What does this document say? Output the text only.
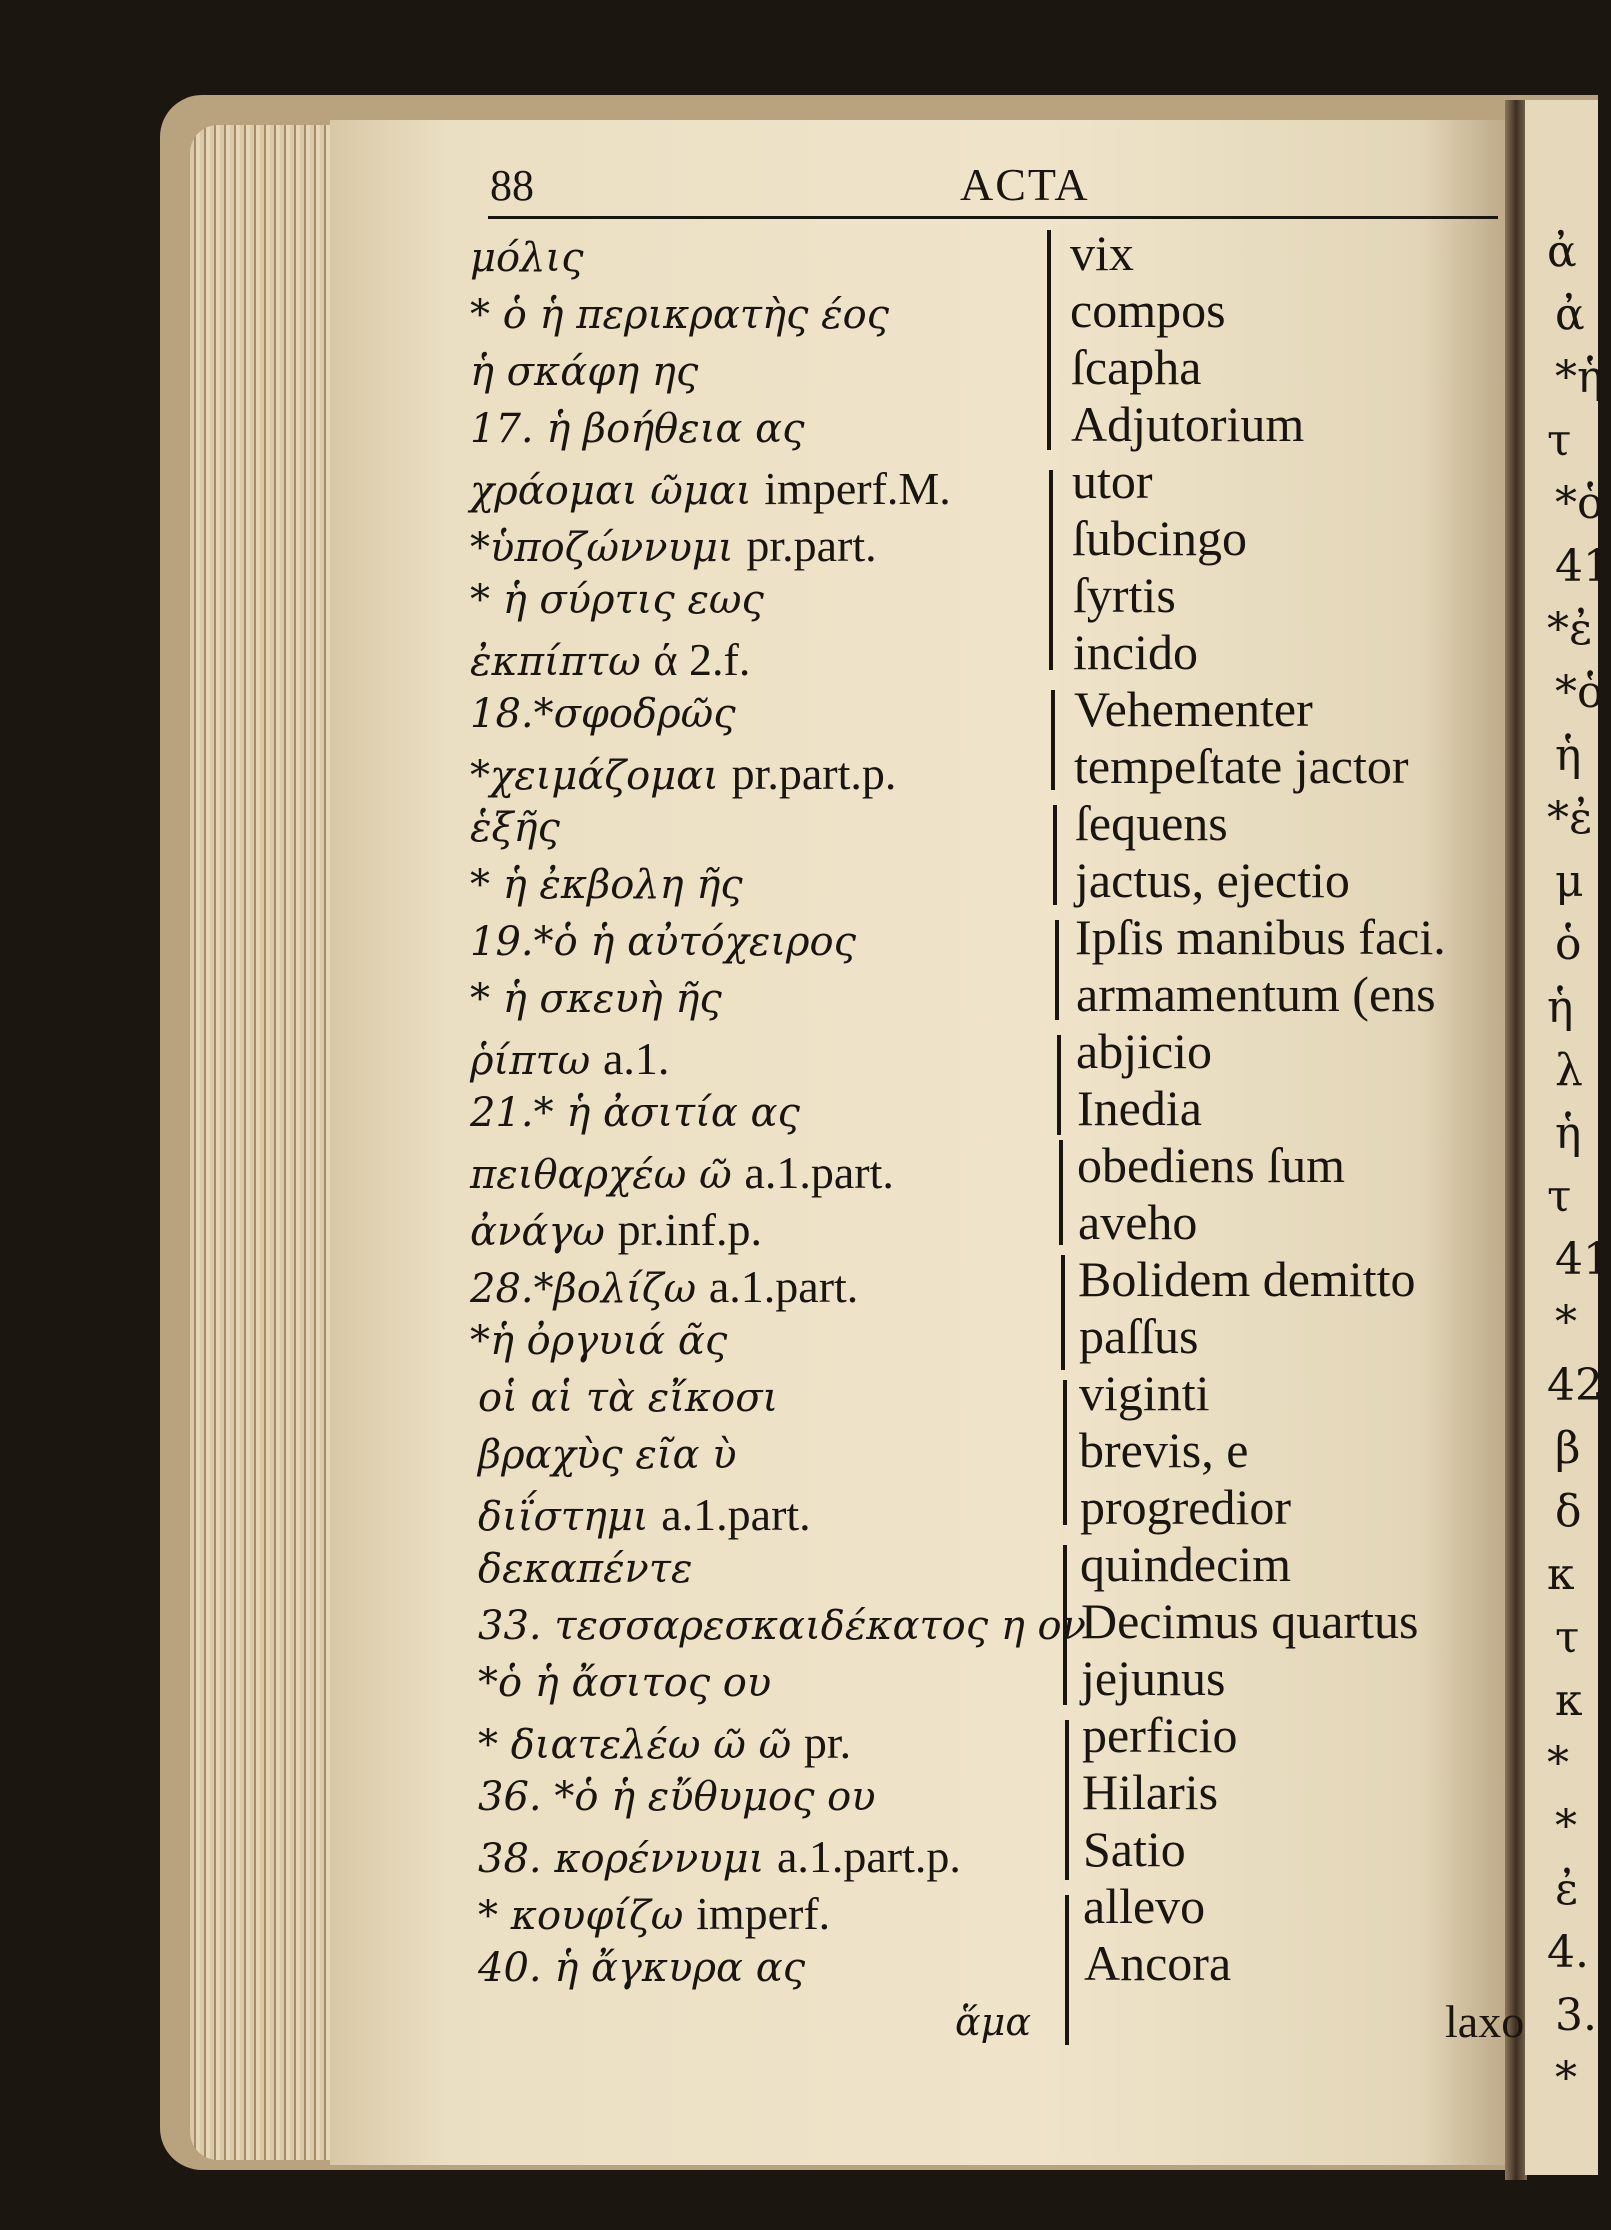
ἀ
ἀ
*ἡ
τ
*ὁ
41
*ἐ
*ὁ
ἡ
*ἐ
μ
ὁ
ἡ
λ
ἡ
τ
41
*
42
β
δ
κ
τ
κ
*
*
ἐ
4.
3.
*
88	ACTA
μόλις
* ὁ ἡ περικρατὴς έος
ἡ σκάφη ης
17. ἡ βοήθεια ας
χράομαι ῶμαι imperf.M.
*ὑποζώννυμι pr.part.
* ἡ σύρτις εως
ἐκπίπτω ά 2.f.
18.*σφοδρῶς
*χειμάζομαι pr.part.p.
ἑξῆς
* ἡ ἐκβολη ῆς
19.*ὁ ἡ αὐτόχειρος
* ἡ σκευὴ ῆς
ῥίπτω a.1.
21.* ἡ ἀσιτία ας
πειθαρχέω ῶ a.1.part.
ἀνάγω pr.inf.p.
28.*βολίζω a.1.part.
*ἡ ὀργυιά ᾶς
οἱ αἱ τὰ εἴκοσι
βραχὺς εῖα ὺ
διΐστημι a.1.part.
δεκαπέντε
33. τεσσαρεσκαιδέκατος η ον
*ὁ ἡ ἄσιτος ου
* διατελέω ῶ ῶ pr.
36. *ὁ ἡ εὔθυμος ου
38. κορέννυμι a.1.part.p.
* κουφίζω imperf.
40. ἡ ἄγκυρα ας
vix
compos
ſcapha
Adjutorium
utor
ſubcingo
ſyrtis
incido
Vehementer
tempeſtate jactor
ſequens
jactus, ejectio
Ipſis manibus faci.
armamentum (ens
abjicio
Inedia
obediens ſum
aveho
Bolidem demitto
paſſus
viginti
brevis, e
progredior
quindecim
Decimus quartus
jejunus
perficio
Hilaris
Satio
allevo
Ancora
ἅμα	laxo
